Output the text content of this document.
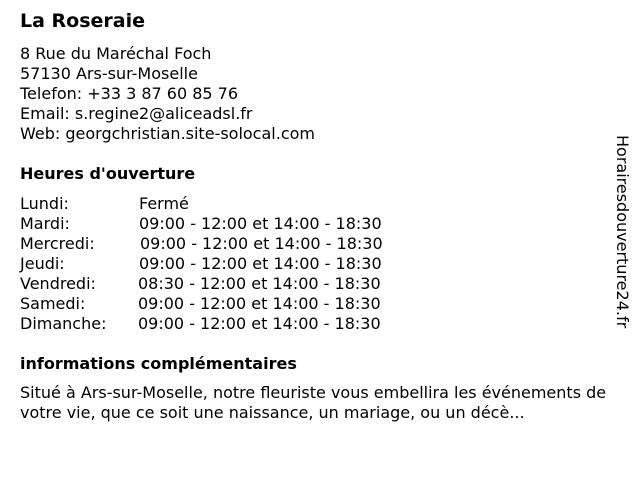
La Roseraie
8 Rue du Maréchal Foch
57130 Ars-sur-Moselle
Telefon: +33 3 87 60 85 76
Email: s.regine2@aliceadsl.fr
Web: georgchristian.site-solocal.com
Heures d'ouverture
Lundi:	Fermé
Mardi:	09:00 - 12:00 et 14:00 - 18:30
Mercredi:	09:00 - 12:00 et 14:00 - 18:30
Jeudi:	09:00 - 12:00 et 14:00 - 18:30
Vendredi:	08:30 - 12:00 et 14:00 - 18:30
Samedi:	09:00 - 12:00 et 14:00 - 18:30
Dimanche: 09:00 - 12:00 et 14:00 - 18:30
informations complémentaires
Situé à Ars-sur-Moselle, notre fleuriste vous embellira les événements de votre vie, que ce soit une naissance, un mariage, ou un décè...
Horairesdouverture24.fr
